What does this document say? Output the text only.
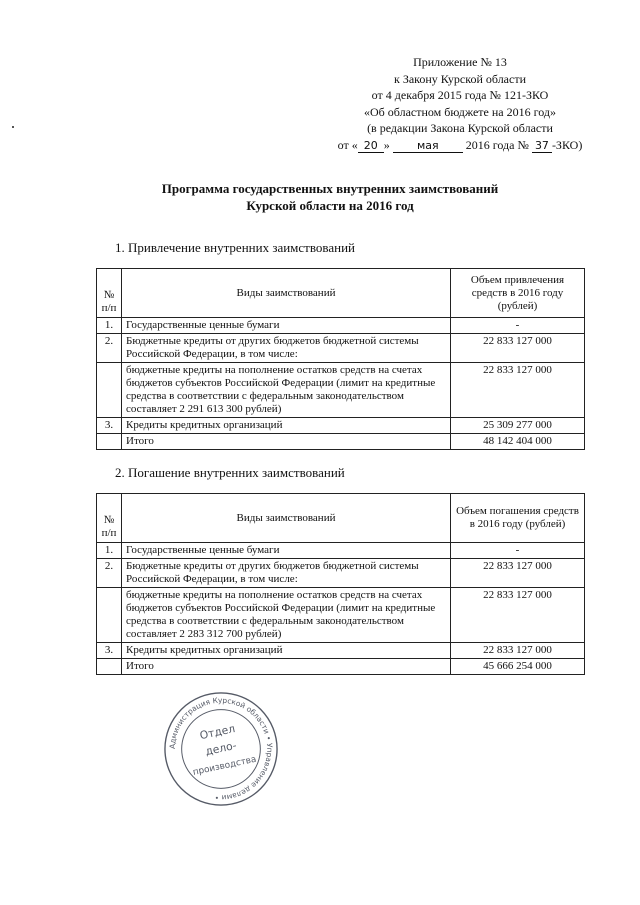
Приложение № 13
к Закону Курской области
от 4 декабря 2015 года № 121-ЗКО
«Об областном бюджете на 2016 год»
(в редакции Закона Курской области
от « 20 » мая 2016 года № 37 -ЗКО)
Программа государственных внутренних заимствований
Курской области на 2016 год
1. Привлечение внутренних заимствований
№ п/п	Виды заимствований	Объем привлечения средств в 2016 году (рублей)
1.	Государственные ценные бумаги	-
2.	Бюджетные кредиты от других бюджетов бюджетной системы Российской Федерации, в том числе:	22 833 127 000
	бюджетные кредиты на пополнение остатков средств на счетах бюджетов субъектов Российской Федерации (лимит на кредитные средства в соответствии с федеральным законодательством составляет 2 291 613 300 рублей)	22 833 127 000
3.	Кредиты кредитных организаций	25 309 277 000
	Итого	48 142 404 000
2. Погашение внутренних заимствований
№ п/п	Виды заимствований	Объем погашения средств в 2016 году (рублей)
1.	Государственные ценные бумаги	-
2.	Бюджетные кредиты от других бюджетов бюджетной системы Российской Федерации, в том числе:	22 833 127 000
	бюджетные кредиты на пополнение остатков средств на счетах бюджетов субъектов Российской Федерации (лимит на кредитные средства в соответствии с федеральным законодательством составляет 2 283 312 700 рублей)	22 833 127 000
3.	Кредиты кредитных организаций	22 833 127 000
	Итого	45 666 254 000
Администрация Курской области • Управление делами •
Отдел
дело-
производства
